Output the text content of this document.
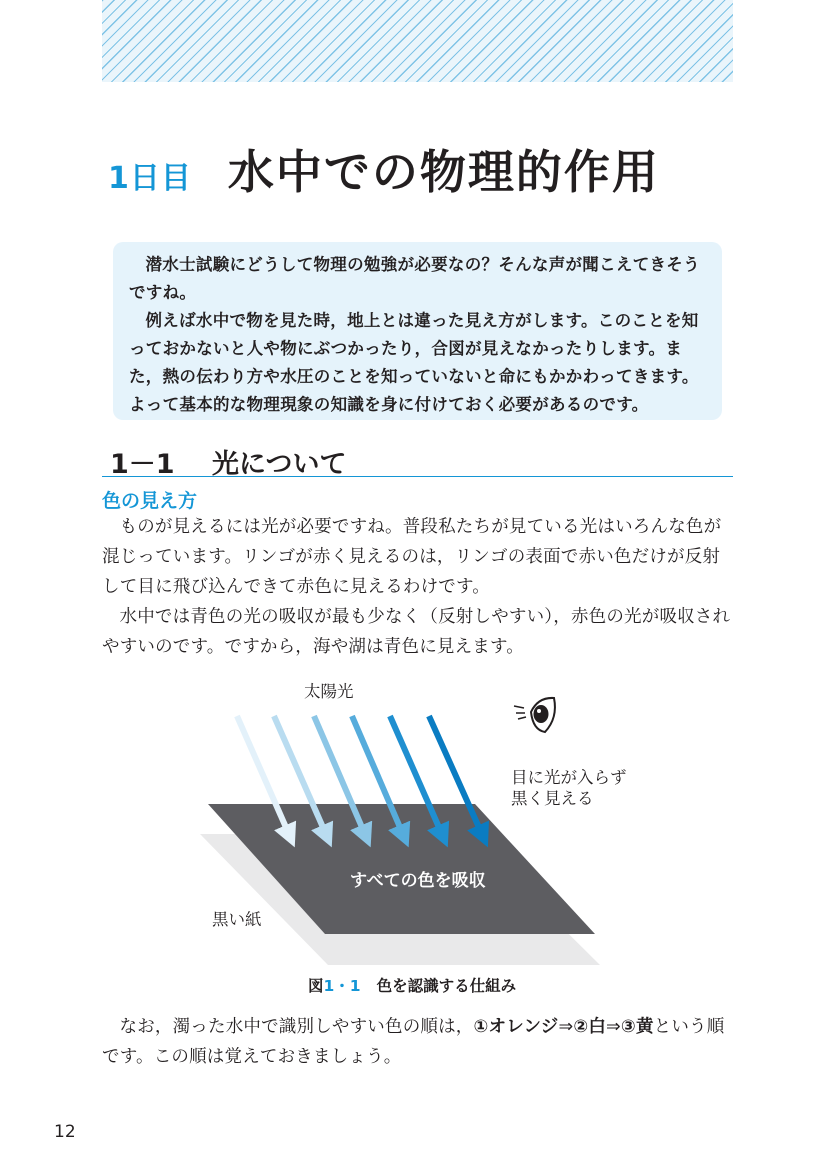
1日目 水中での物理的作用

潜水士試験にどうして物理の勉強が必要なの？そんな声が聞こえてきそうですね。

例えば水中で物を見た時，地上とは違った見え方がします。このことを知っておかないと人や物にぶつかったり，合図が見えなかったりします。また，熱の伝わり方や水圧のことを知っていないと命にもかかわってきます。よって基本的な物理現象の知識を身に付けておく必要があるのです。

1－1 光について
色の見え方

ものが見えるには光が必要ですね。普段私たちが見ている光はいろんな色が混じっています。リンゴが赤く見えるのは，リンゴの表面で赤い色だけが反射して目に飛び込んできて赤色に見えるわけです。

水中では青色の光の吸収が最も少なく（反射しやすい），赤色の光が吸収されやすいのです。ですから，海や湖は青色に見えます。

太陽光
目に光が入らず
黒く見える
すべての色を吸収
黒い紙
図1・1 色を認識する仕組み

なお，濁った水中で識別しやすい色の順は，①オレンジ⇒②白⇒③黄という順です。この順は覚えておきましょう。

12
